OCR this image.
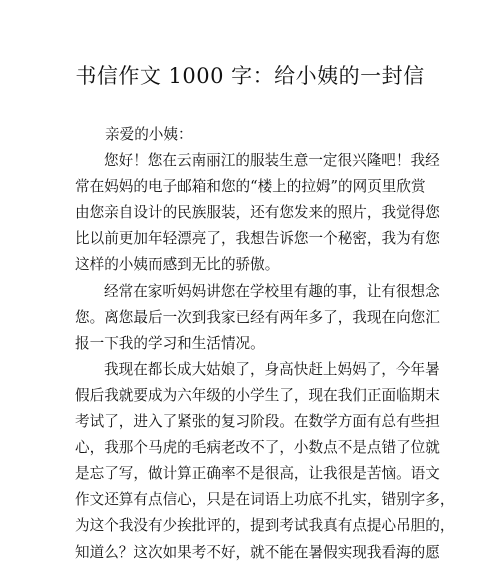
书信作文 1000 字：给小姨的一封信

亲爱的小姨：

您好！您在云南丽江的服装生意一定很兴隆吧！我经
常在妈妈的电子邮箱和您的“楼上的拉姆”的网页里欣赏
由您亲自设计的民族服装，还有您发来的照片，我觉得您
比以前更加年轻漂亮了，我想告诉您一个秘密，我为有您
这样的小姨而感到无比的骄傲。
经常在家听妈妈讲您在学校里有趣的事，让有很想念
您。离您最后一次到我家已经有两年多了，我现在向您汇
报一下我的学习和生活情况。
我现在都长成大姑娘了，身高快赶上妈妈了，今年暑
假后我就要成为六年级的小学生了，现在我们正面临期末
考试了，进入了紧张的复习阶段。在数学方面有总有些担
心，我那个马虎的毛病老改不了，小数点不是点错了位就
是忘了写，做计算正确率不是很高，让我很是苦恼。语文
作文还算有点信心，只是在词语上功底不扎实，错别字多，
为这个我没有少挨批评的，提到考试我真有点提心吊胆的，
知道么？这次如果考不好，就不能在暑假实现我看海的愿
